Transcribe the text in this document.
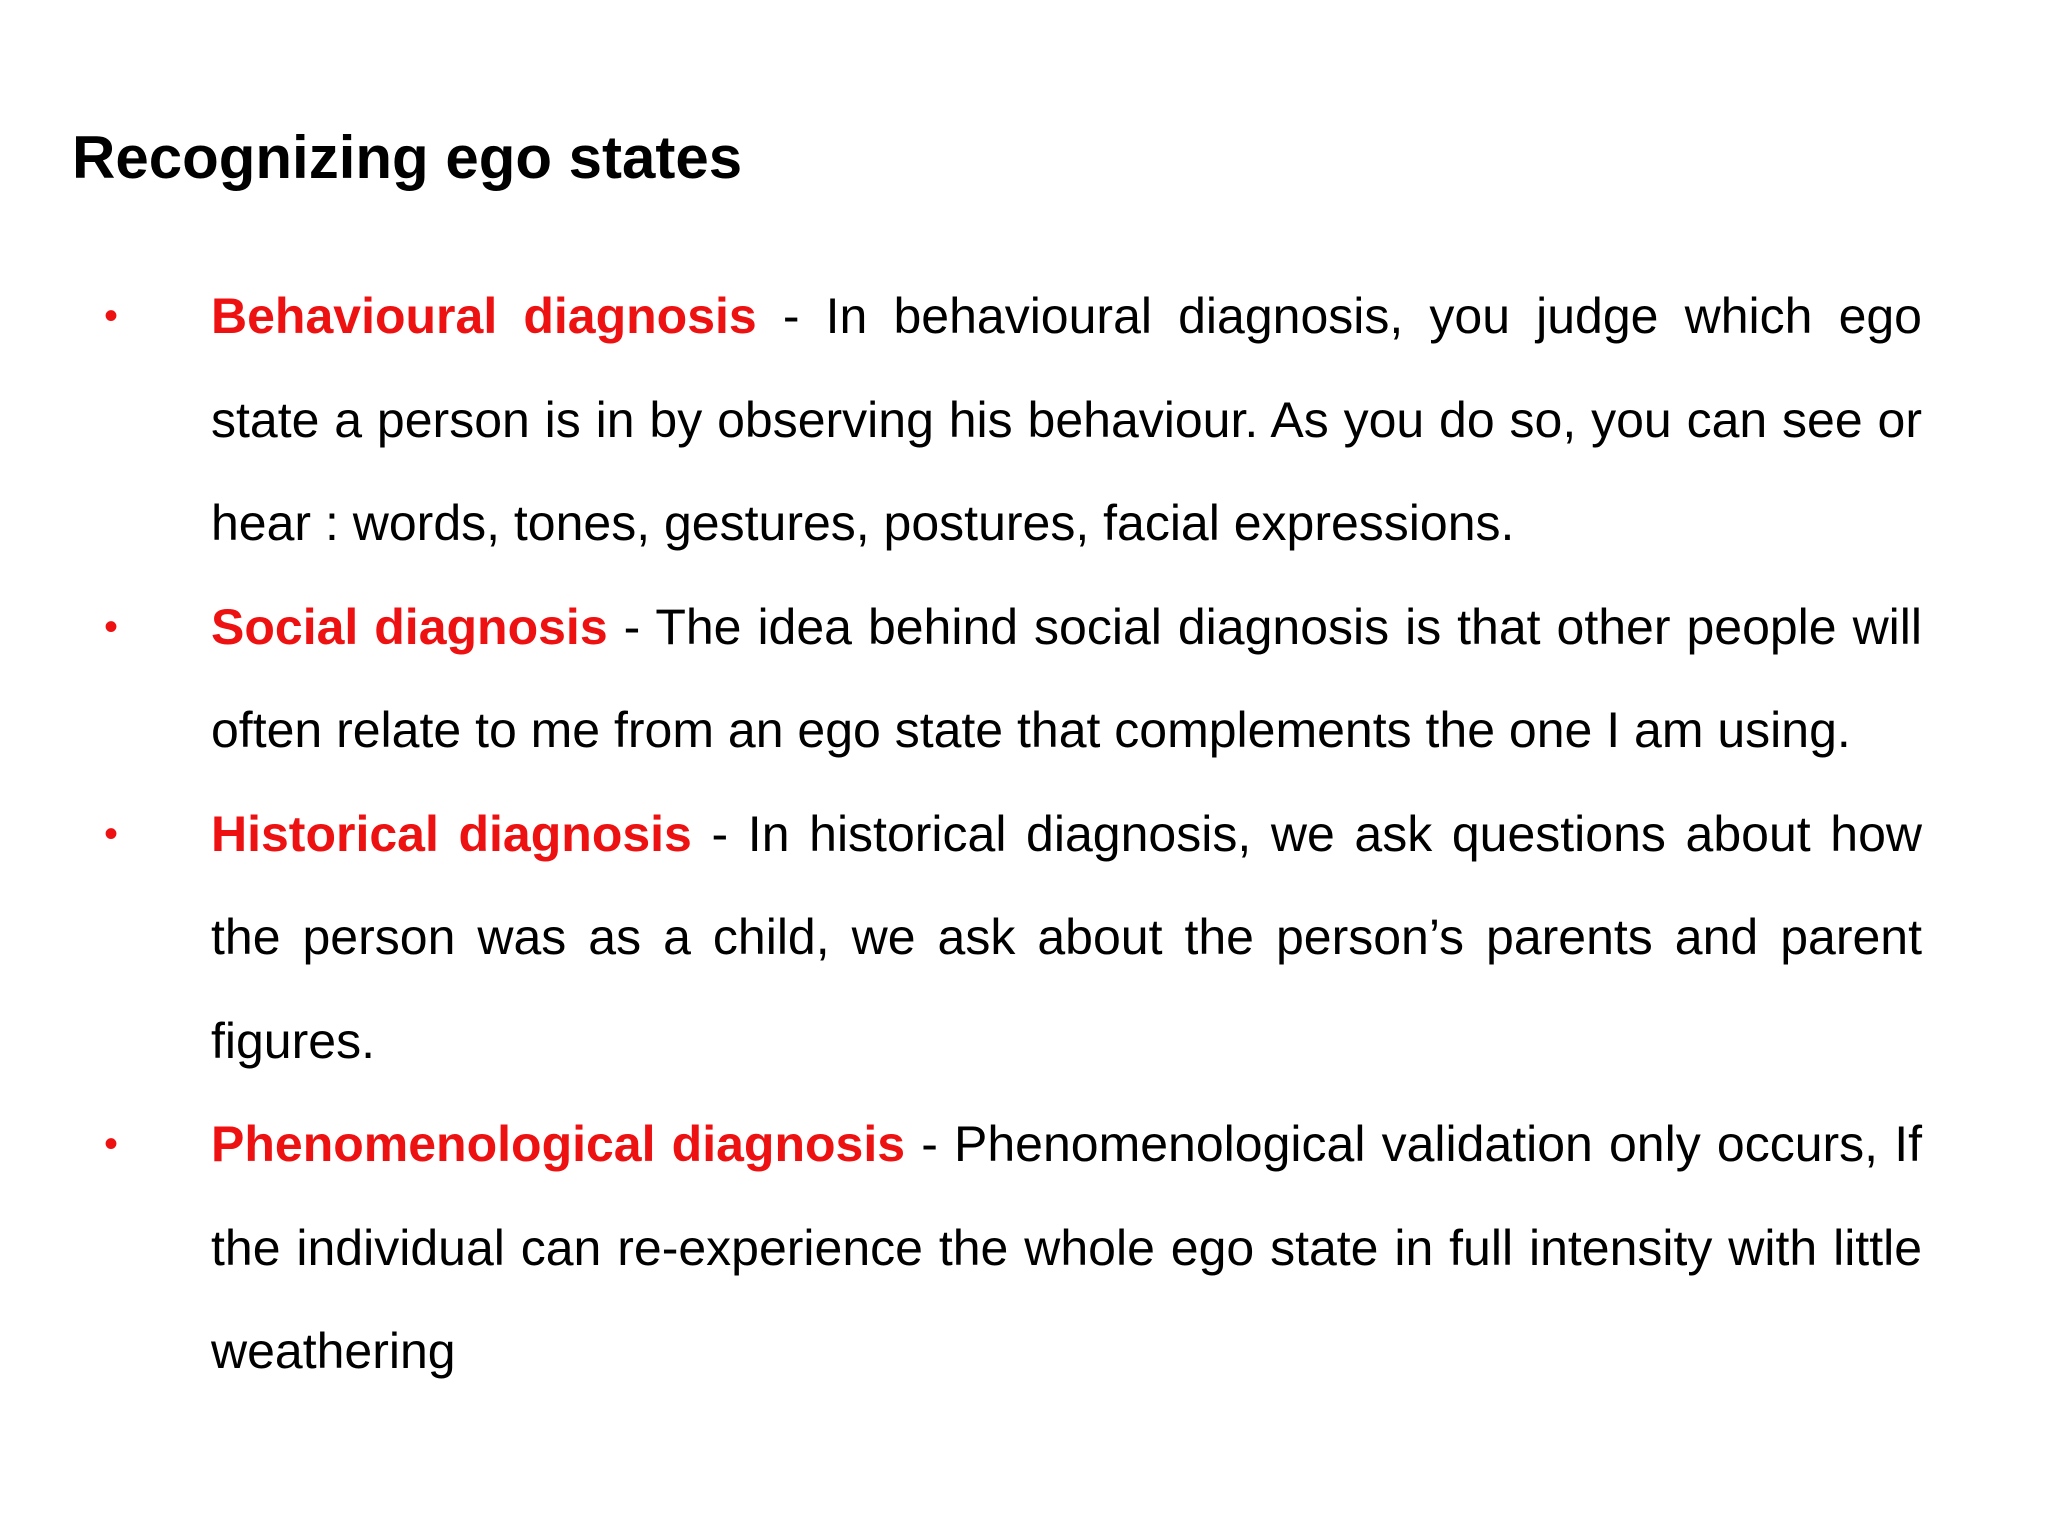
Recognizing ego states
• Behavioural diagnosis - In behavioural diagnosis, you judge which ego state a person is in by observing his behaviour. As you do so, you can see or hear : words, tones, gestures, postures, facial expressions.
• Social diagnosis - The idea behind social diagnosis is that other people will often relate to me from an ego state that complements the one I am using.
• Historical diagnosis - In historical diagnosis, we ask questions about how the person was as a child, we ask about the person’s parents and parent figures.
• Phenomenological diagnosis - Phenomenological validation only occurs, If the individual can re-experience the whole ego state in full intensity with little weathering
